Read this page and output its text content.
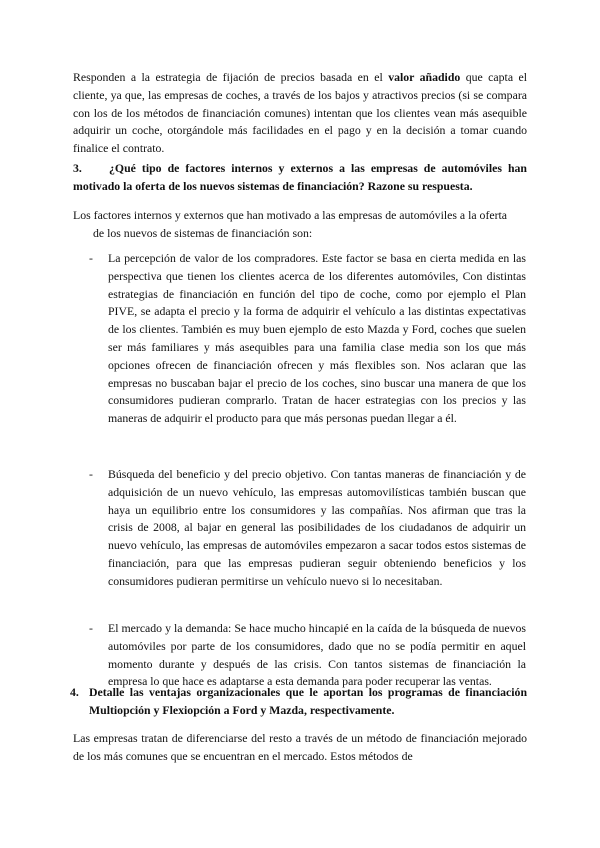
Responden a la estrategia de fijación de precios basada en el valor añadido que capta el cliente, ya que, las empresas de coches, a través de los bajos y atractivos precios (si se compara con los de los métodos de financiación comunes) intentan que los clientes vean más asequible adquirir un coche, otorgándole más facilidades en el pago y en la decisión a tomar cuando finalice el contrato.

3.	¿Qué tipo de factores internos y externos a las empresas de automóviles han motivado la oferta de los nuevos sistemas de financiación? Razone su respuesta.

Los factores internos y externos que han motivado a las empresas de automóviles a la oferta
de los nuevos de sistemas de financiación son:

- La percepción de valor de los compradores. Este factor se basa en cierta medida en las perspectiva que tienen los clientes acerca de los diferentes automóviles, Con distintas estrategias de financiación en función del tipo de coche, como por ejemplo el Plan PIVE, se adapta el precio y la forma de adquirir el vehículo a las distintas expectativas de los clientes. También es muy buen ejemplo de esto Mazda y Ford, coches que suelen ser más familiares y más asequibles para una familia clase media son los que más opciones ofrecen de financiación ofrecen y más flexibles son. Nos aclaran que las empresas no buscaban bajar el precio de los coches, sino buscar una manera de que los consumidores pudieran comprarlo. Tratan de hacer estrategias con los precios y las maneras de adquirir el producto para que más personas puedan llegar a él.

- Búsqueda del beneficio y del precio objetivo. Con tantas maneras de financiación y de adquisición de un nuevo vehículo, las empresas automovilísticas también buscan que haya un equilibrio entre los consumidores y las compañías. Nos afirman que tras la crisis de 2008, al bajar en general las posibilidades de los ciudadanos de adquirir un nuevo vehículo, las empresas de automóviles empezaron a sacar todos estos sistemas de financiación, para que las empresas pudieran seguir obteniendo beneficios y los consumidores pudieran permitirse un vehículo nuevo si lo necesitaban.

- El mercado y la demanda: Se hace mucho hincapié en la caída de la búsqueda de nuevos automóviles por parte de los consumidores, dado que no se podía permitir en aquel momento durante y después de las crisis. Con tantos sistemas de financiación la empresa lo que hace es adaptarse a esta demanda para poder recuperar las ventas.

4. Detalle las ventajas organizacionales que le aportan los programas de financiación Multiopción y Flexiopción a Ford y Mazda, respectivamente.

Las empresas tratan de diferenciarse del resto a través de un método de financiación mejorado de los más comunes que se encuentran en el mercado. Estos métodos de
